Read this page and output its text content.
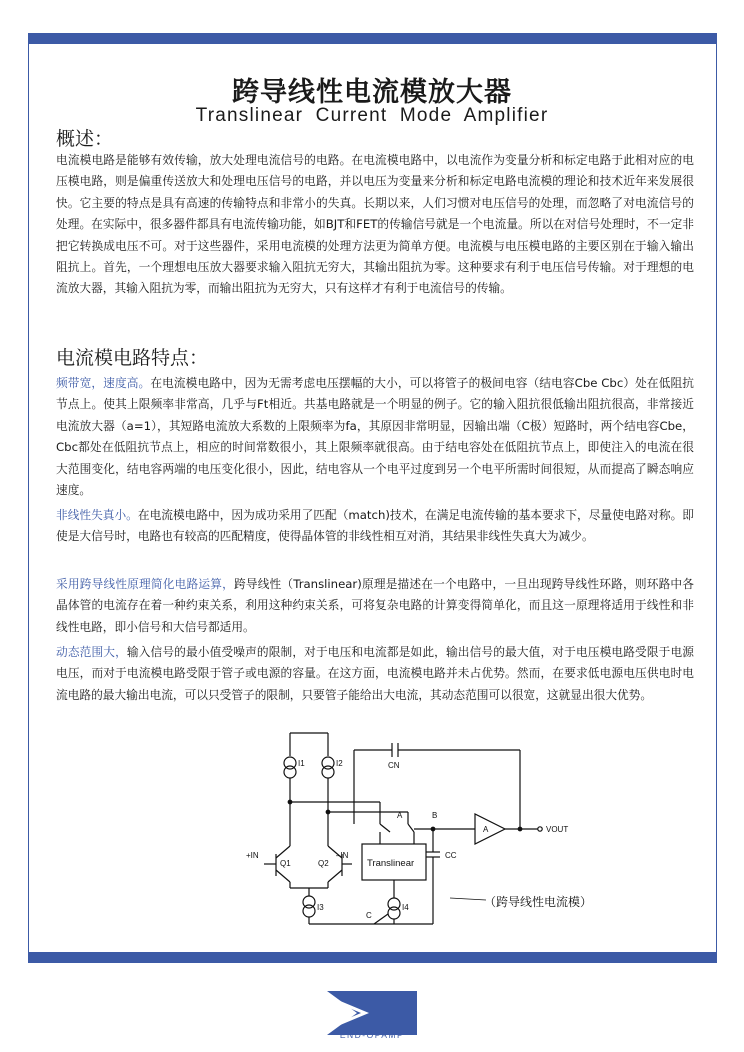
跨导线性电流模放大器
Translinear Current Mode Amplifier
概述：
电流模电路是能够有效传输，放大处理电流信号的电路。在电流模电路中，以电流作为变量分析和标定电路于此相对应的电压模电路，则是偏重传送放大和处理电压信号的电路，并以电压为变量来分析和标定电路电流模的理论和技术近年来发展很快。它主要的特点是具有高速的传输特点和非常小的失真。长期以来，人们习惯对电压信号的处理，而忽略了对电流信号的处理。在实际中，很多器件都具有电流传输功能，如BJT和FET的传输信号就是一个电流量。所以在对信号处理时，不一定非把它转换成电压不可。对于这些器件，采用电流模的处理方法更为简单方便。电流模与电压模电路的主要区别在于输入输出阻抗上。首先，一个理想电压放大器要求输入阻抗无穷大，其输出阻抗为零。这种要求有利于电压信号传输。对于理想的电流放大器，其输入阻抗为零，而输出阻抗为无穷大，只有这样才有利于电流信号的传输。
电流模电路特点：
频带宽，速度高。在电流模电路中，因为无需考虑电压摆幅的大小，可以将管子的极间电容（结电容Cbe Cbc）处在低阻抗节点上。使其上限频率非常高，几乎与Ft相近。共基电路就是一个明显的例子。它的输入阻抗很低输出阻抗很高，非常接近电流放大器（a=1），其短路电流放大系数的上限频率为fa，其原因非常明显，因输出端（C极）短路时，两个结电容Cbe，Cbc都处在低阻抗节点上，相应的时间常数很小，其上限频率就很高。由于结电容处在低阻抗节点上，即使注入的电流在很大范围变化，结电容两端的电压变化很小，因此，结电容从一个电平过度到另一个电平所需时间很短，从而提高了瞬态响应速度。
非线性失真小。在电流模电路中，因为成功采用了匹配（match)技术，在满足电流传输的基本要求下，尽量使电路对称。即使是大信号时，电路也有较高的匹配精度，使得晶体管的非线性相互对消，其结果非线性失真大为减少。
采用跨导线性原理简化电路运算，跨导线性（Translinear)原理是描述在一个电路中，一旦出现跨导线性环路，则环路中各晶体管的电流存在着一种约束关系，利用这种约束关系，可将复杂电路的计算变得简单化，而且这一原理将适用于线性和非线性电路，即小信号和大信号都适用。
动态范围大，输入信号的最小值受噪声的限制，对于电压和电流都是如此，输出信号的最大值，对于电压模电路受限于电源电压，而对于电流模电路受限于管子或电源的容量。在这方面，电流模电路并未占优势。然而，在要求低电源电压供电时电流电路的最大输出电流，可以只受管子的限制，只要管子能给出大电流，其动态范围可以很宽，这就显出很大优势。
I1	I2	CN
A	B
A	VOUT
Translinear
CC
I4
C
+IN	–IN
Q1	Q2
I3	（跨导线性电流模）
END-OPAMP
